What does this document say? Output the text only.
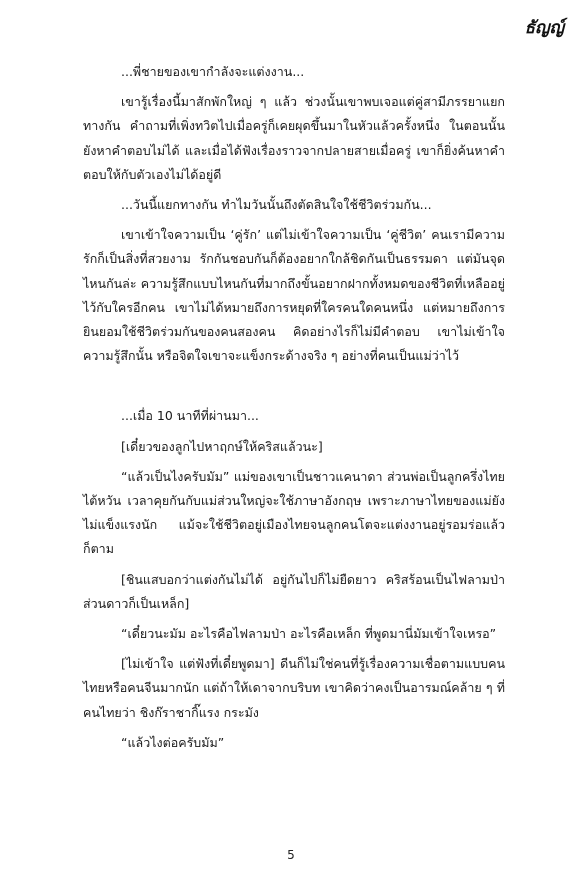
ธัญญ์

...พี่ชายของเขากำลังจะแต่งงาน...

เขารู้เรื่องนี้มาสักพักใหญ่ ๆ แล้ว ช่วงนั้นเขาพบเจอแต่คู่สามีภรรยาแยกทางกัน คำถามที่เพิ่งทวิตไปเมื่อครู่ก็เคยผุดขึ้นมาในหัวแล้วครั้งหนึ่ง ในตอนนั้นยังหาคำตอบไม่ได้ และเมื่อได้ฟังเรื่องราวจากปลายสายเมื่อครู่ เขาก็ยิ่งค้นหาคำตอบให้กับตัวเองไม่ได้อยู่ดี

...วันนี้แยกทางกัน ทำไมวันนั้นถึงตัดสินใจใช้ชีวิตร่วมกัน...

เขาเข้าใจความเป็น ‘คู่รัก’ แต่ไม่เข้าใจความเป็น ‘คู่ชีวิต’ คนเรามีความรักก็เป็นสิ่งที่สวยงาม รักกันชอบกันก็ต้องอยากใกล้ชิดกันเป็นธรรมดา แต่มันจุดไหนกันล่ะ ความรู้สึกแบบไหนกันที่มากถึงขั้นอยากฝากทั้งหมดของชีวิตที่เหลืออยู่ไว้กับใครอีกคน เขาไม่ได้หมายถึงการหยุดที่ใครคนใดคนหนึ่ง แต่หมายถึงการยินยอมใช้ชีวิตร่วมกันของคนสองคน คิดอย่างไรก็ไม่มีคำตอบ เขาไม่เข้าใจความรู้สึกนั้น หรือจิตใจเขาจะแข็งกระด้างจริง ๆ อย่างที่คนเป็นแม่ว่าไว้

...เมื่อ 10 นาทีที่ผ่านมา...

[เดี๋ยวของลูกไปหาฤกษ์ให้คริสแล้วนะ]

“แล้วเป็นไงครับมัม” แม่ของเขาเป็นชาวแคนาดา ส่วนพ่อเป็นลูกครึ่งไทยไต้หวัน เวลาคุยกันกับแม่ส่วนใหญ่จะใช้ภาษาอังกฤษ เพราะภาษาไทยของแม่ยังไม่แข็งแรงนัก แม้จะใช้ชีวิตอยู่เมืองไทยจนลูกคนโตจะแต่งงานอยู่รอมร่อแล้วก็ตาม

[ชินแสบอกว่าแต่งกันไม่ได้ อยู่กันไปก็ไม่ยืดยาว คริสร้อนเป็นไฟลามป่า ส่วนดาวก็เป็นเหล็ก]

“เดี๋ยวนะมัม อะไรคือไฟลามป่า อะไรคือเหล็ก ที่พูดมานี่มัมเข้าใจเหรอ”

[ไม่เข้าใจ แต่ฟังที่เดี๋ยพูดมา] ดีนก็ไม่ใช่คนที่รู้เรื่องความเชื่อตามแบบคนไทยหรือคนจีนมากนัก แต่ถ้าให้เดาจากบริบท เขาคิดว่าคงเป็นอารมณ์คล้าย ๆ ที่คนไทยว่า ชิงก๊ราชากิ๊แรง กระมัง

“แล้วไงต่อครับมัม”

5
